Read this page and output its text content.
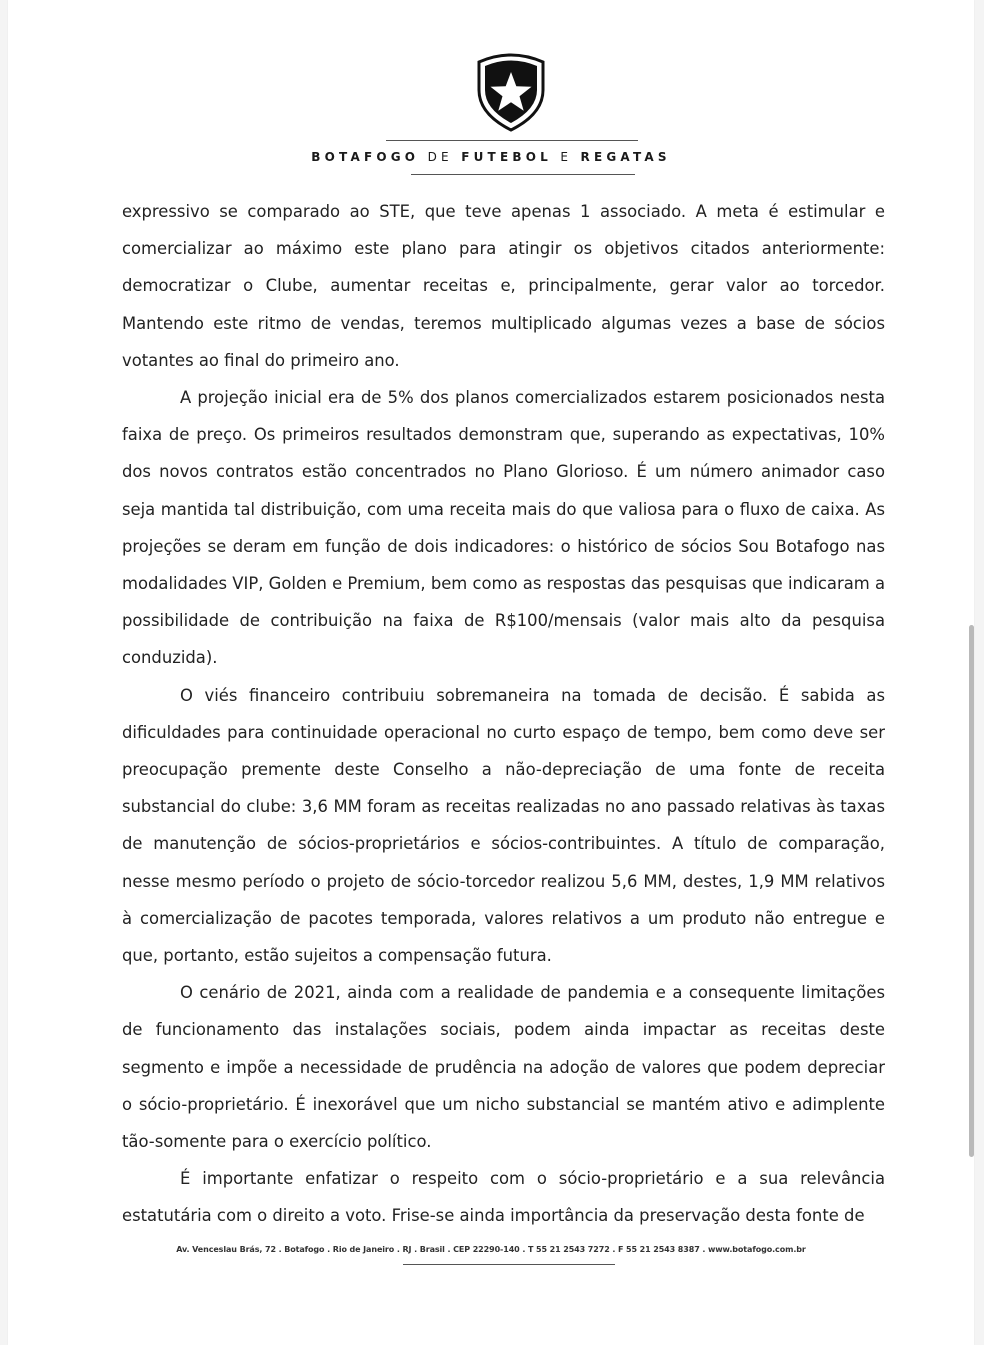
BOTAFOGO DE FUTEBOL E REGATAS

expressivo se comparado ao STE, que teve apenas 1 associado. A meta é estimular e comercializar ao máximo este plano para atingir os objetivos citados anteriormente: democratizar o Clube, aumentar receitas e, principalmente, gerar valor ao torcedor. Mantendo este ritmo de vendas, teremos multiplicado algumas vezes a base de sócios votantes ao final do primeiro ano.

A projeção inicial era de 5% dos planos comercializados estarem posicionados nesta faixa de preço. Os primeiros resultados demonstram que, superando as expectativas, 10% dos novos contratos estão concentrados no Plano Glorioso. É um número animador caso seja mantida tal distribuição, com uma receita mais do que valiosa para o fluxo de caixa. As projeções se deram em função de dois indicadores: o histórico de sócios Sou Botafogo nas modalidades VIP, Golden e Premium, bem como as respostas das pesquisas que indicaram a possibilidade de contribuição na faixa de R$100/mensais (valor mais alto da pesquisa conduzida).

O viés financeiro contribuiu sobremaneira na tomada de decisão. É sabida as dificuldades para continuidade operacional no curto espaço de tempo, bem como deve ser preocupação premente deste Conselho a não-depreciação de uma fonte de receita substancial do clube: 3,6 MM foram as receitas realizadas no ano passado relativas às taxas de manutenção de sócios-proprietários e sócios-contribuintes. A título de comparação, nesse mesmo período o projeto de sócio-torcedor realizou 5,6 MM, destes, 1,9 MM relativos à comercialização de pacotes temporada, valores relativos a um produto não entregue e que, portanto, estão sujeitos a compensação futura.

O cenário de 2021, ainda com a realidade de pandemia e a consequente limitações de funcionamento das instalações sociais, podem ainda impactar as receitas deste segmento e impõe a necessidade de prudência na adoção de valores que podem depreciar o sócio-proprietário. É inexorável que um nicho substancial se mantém ativo e adimplente tão-somente para o exercício político.

É importante enfatizar o respeito com o sócio-proprietário e a sua relevância estatutária com o direito a voto. Frise-se ainda importância da preservação desta fonte de

Av. Venceslau Brás, 72 . Botafogo . Rio de Janeiro . RJ . Brasil . CEP 22290-140 . T 55 21 2543 7272 . F 55 21 2543 8387 . www.botafogo.com.br
